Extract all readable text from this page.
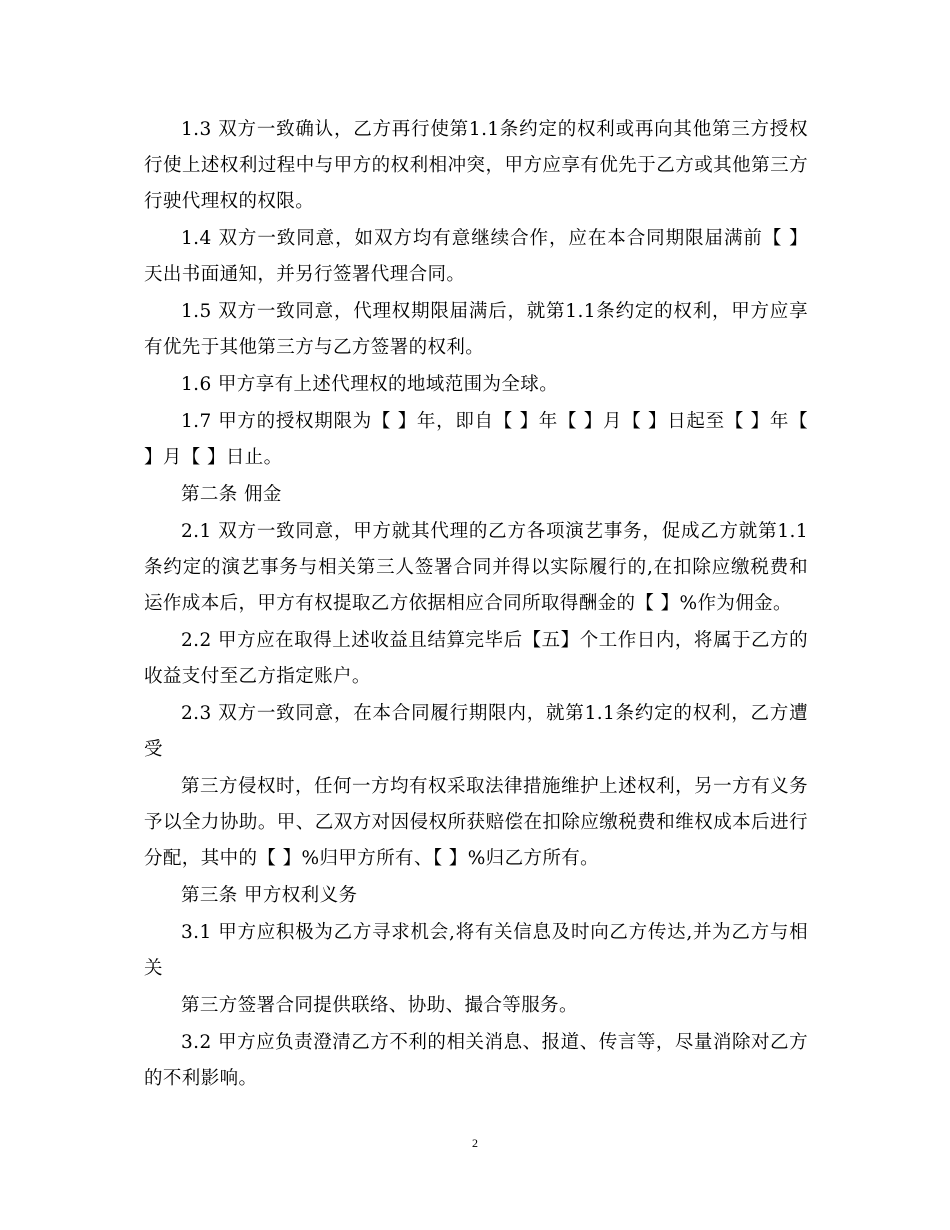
1.3 双方一致确认，乙方再行使第1.1条约定的权利或再向其他第三方授权行使上述权利过程中与甲方的权利相冲突，甲方应享有优先于乙方或其他第三方行驶代理权的权限。

1.4 双方一致同意，如双方均有意继续合作，应在本合同期限届满前【 】天出书面通知，并另行签署代理合同。

1.5 双方一致同意，代理权期限届满后，就第1.1条约定的权利，甲方应享有优先于其他第三方与乙方签署的权利。

1.6 甲方享有上述代理权的地域范围为全球。

1.7 甲方的授权期限为【 】年，即自【 】年【 】月【 】日起至【 】年【 】月【 】日止。

第二条 佣金

2.1 双方一致同意，甲方就其代理的乙方各项演艺事务，促成乙方就第1.1条约定的演艺事务与相关第三人签署合同并得以实际履行的,在扣除应缴税费和运作成本后，甲方有权提取乙方依据相应合同所取得酬金的【 】%作为佣金。

2.2 甲方应在取得上述收益且结算完毕后【五】个工作日内，将属于乙方的收益支付至乙方指定账户。

2.3 双方一致同意，在本合同履行期限内，就第1.1条约定的权利，乙方遭受

第三方侵权时，任何一方均有权采取法律措施维护上述权利，另一方有义务予以全力协助。甲、乙双方对因侵权所获赔偿在扣除应缴税费和维权成本后进行分配，其中的【 】%归甲方所有、【 】%归乙方所有。

第三条 甲方权利义务

3.1 甲方应积极为乙方寻求机会,将有关信息及时向乙方传达,并为乙方与相关

第三方签署合同提供联络、协助、撮合等服务。

3.2 甲方应负责澄清乙方不利的相关消息、报道、传言等，尽量消除对乙方的不利影响。

2
